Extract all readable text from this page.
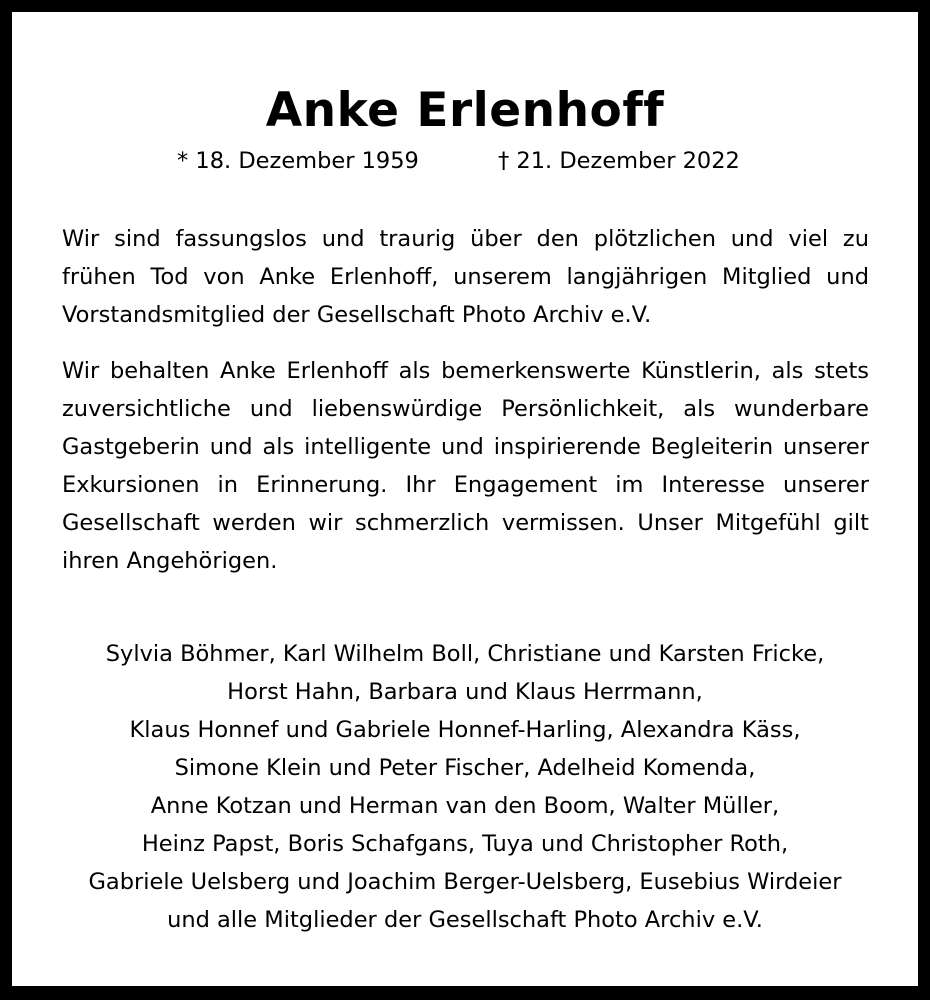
Anke Erlenhoff
* 18. Dezember 1959	† 21. Dezember 2022

Wir sind fassungslos und traurig über den plötzlichen und viel zu frühen Tod von Anke Erlenhoff, unserem langjährigen Mitglied und Vorstandsmitglied der Gesellschaft Photo Archiv e.V.

Wir behalten Anke Erlenhoff als bemerkenswerte Künstlerin, als stets zuversichtliche und liebenswürdige Persönlichkeit, als wunderbare Gastgeberin und als intelligente und inspirierende Begleiterin unserer Exkursionen in Erinnerung. Ihr Engagement im Interesse unserer Gesellschaft werden wir schmerzlich vermissen. Unser Mitgefühl gilt ihren Angehörigen.

Sylvia Böhmer, Karl Wilhelm Boll, Christiane und Karsten Fricke,
Horst Hahn, Barbara und Klaus Herrmann,
Klaus Honnef und Gabriele Honnef-Harling, Alexandra Käss,
Simone Klein und Peter Fischer, Adelheid Komenda,
Anne Kotzan und Herman van den Boom, Walter Müller,
Heinz Papst, Boris Schafgans, Tuya und Christopher Roth,
Gabriele Uelsberg und Joachim Berger-Uelsberg, Eusebius Wirdeier
und alle Mitglieder der Gesellschaft Photo Archiv e.V.
